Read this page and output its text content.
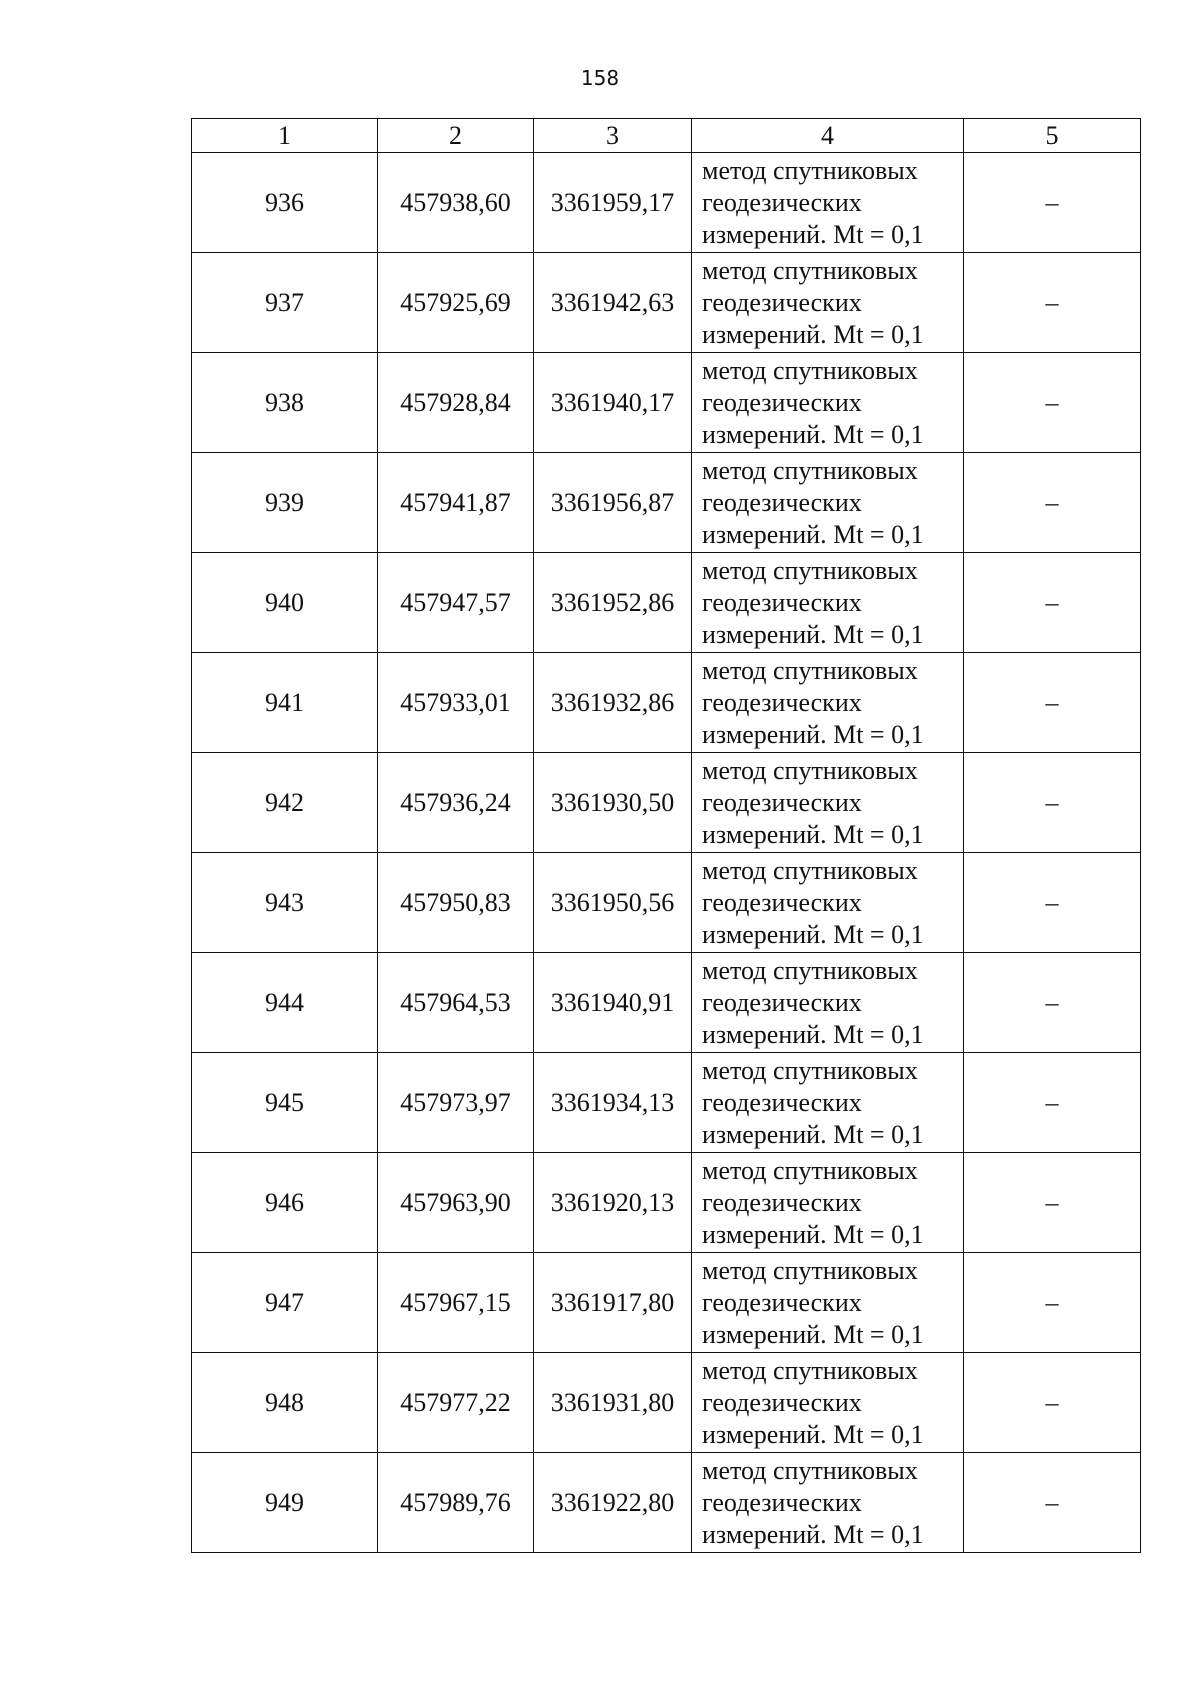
158
1	2	3	4	5
936	457938,60	3361959,17	метод спутниковых
геодезических
измерений. Mt = 0,1	–
937	457925,69	3361942,63	метод спутниковых
геодезических
измерений. Mt = 0,1	–
938	457928,84	3361940,17	метод спутниковых
геодезических
измерений. Mt = 0,1	–
939	457941,87	3361956,87	метод спутниковых
геодезических
измерений. Mt = 0,1	–
940	457947,57	3361952,86	метод спутниковых
геодезических
измерений. Mt = 0,1	–
941	457933,01	3361932,86	метод спутниковых
геодезических
измерений. Mt = 0,1	–
942	457936,24	3361930,50	метод спутниковых
геодезических
измерений. Mt = 0,1	–
943	457950,83	3361950,56	метод спутниковых
геодезических
измерений. Mt = 0,1	–
944	457964,53	3361940,91	метод спутниковых
геодезических
измерений. Mt = 0,1	–
945	457973,97	3361934,13	метод спутниковых
геодезических
измерений. Mt = 0,1	–
946	457963,90	3361920,13	метод спутниковых
геодезических
измерений. Mt = 0,1	–
947	457967,15	3361917,80	метод спутниковых
геодезических
измерений. Mt = 0,1	–
948	457977,22	3361931,80	метод спутниковых
геодезических
измерений. Mt = 0,1	–
949	457989,76	3361922,80	метод спутниковых
геодезических
измерений. Mt = 0,1	–
